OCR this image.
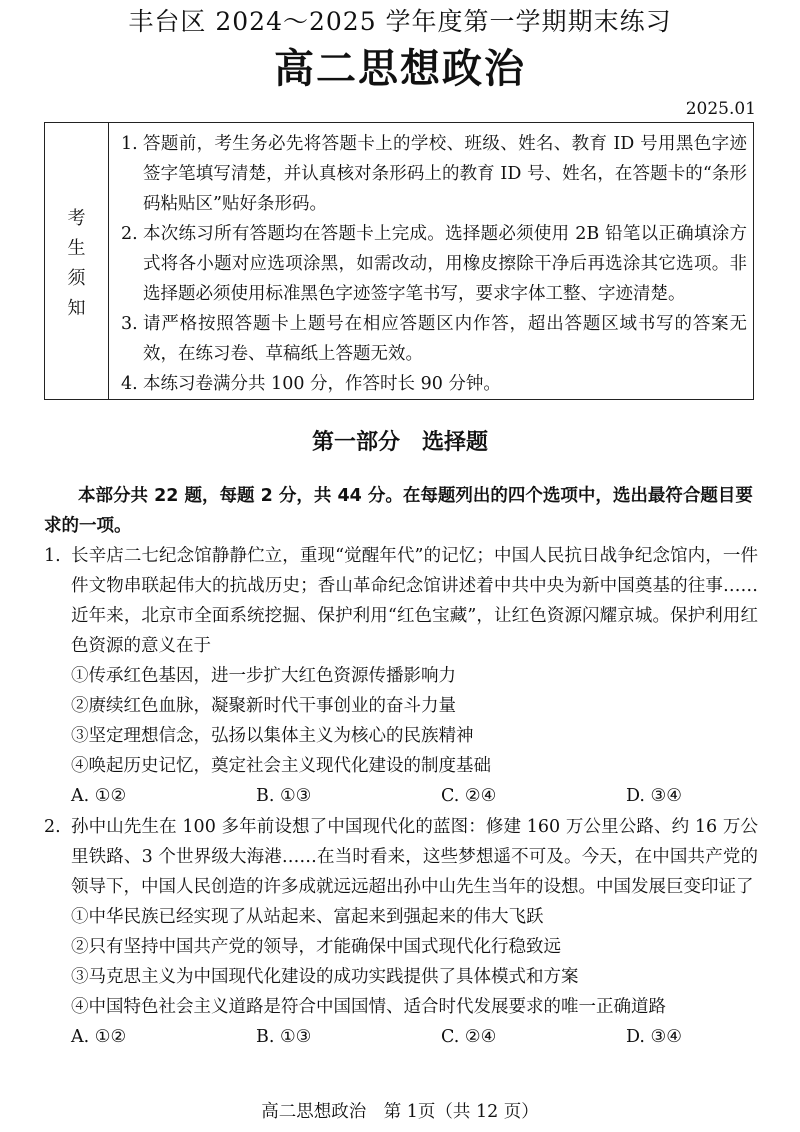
丰台区 2024～2025 学年度第一学期期末练习
高二思想政治
2025.01
考
生
须
知
1. 答题前，考生务必先将答题卡上的学校、班级、姓名、教育 ID 号用黑色字迹签字笔填写清楚，并认真核对条形码上的教育 ID 号、姓名，在答题卡的“条形码粘贴区”贴好条形码。
2. 本次练习所有答题均在答题卡上完成。选择题必须使用 2B 铅笔以正确填涂方式将各小题对应选项涂黑，如需改动，用橡皮擦除干净后再选涂其它选项。非选择题必须使用标准黑色字迹签字笔书写，要求字体工整、字迹清楚。
3. 请严格按照答题卡上题号在相应答题区内作答，超出答题区域书写的答案无效，在练习卷、草稿纸上答题无效。
4. 本练习卷满分共 100 分，作答时长 90 分钟。
第一部分　选择题
本部分共 22 题，每题 2 分，共 44 分。在每题列出的四个选项中，选出最符合题目要求的一项。
1. 长辛店二七纪念馆静静伫立，重现“觉醒年代”的记忆；中国人民抗日战争纪念馆内，一件件文物串联起伟大的抗战历史；香山革命纪念馆讲述着中共中央为新中国奠基的往事……近年来，北京市全面系统挖掘、保护利用“红色宝藏”，让红色资源闪耀京城。保护利用红色资源的意义在于
①传承红色基因，进一步扩大红色资源传播影响力
②赓续红色血脉，凝聚新时代干事创业的奋斗力量
③坚定理想信念，弘扬以集体主义为核心的民族精神
④唤起历史记忆，奠定社会主义现代化建设的制度基础
A. ①②	B. ①③	C. ②④	D. ③④
2. 孙中山先生在 100 多年前设想了中国现代化的蓝图：修建 160 万公里公路、约 16 万公里铁路、3 个世界级大海港……在当时看来，这些梦想遥不可及。今天，在中国共产党的领导下，中国人民创造的许多成就远远超出孙中山先生当年的设想。中国发展巨变印证了
①中华民族已经实现了从站起来、富起来到强起来的伟大飞跃
②只有坚持中国共产党的领导，才能确保中国式现代化行稳致远
③马克思主义为中国现代化建设的成功实践提供了具体模式和方案
④中国特色社会主义道路是符合中国国情、适合时代发展要求的唯一正确道路
A. ①②	B. ①③	C. ②④	D. ③④
高二思想政治　第 1页（共 12 页）
